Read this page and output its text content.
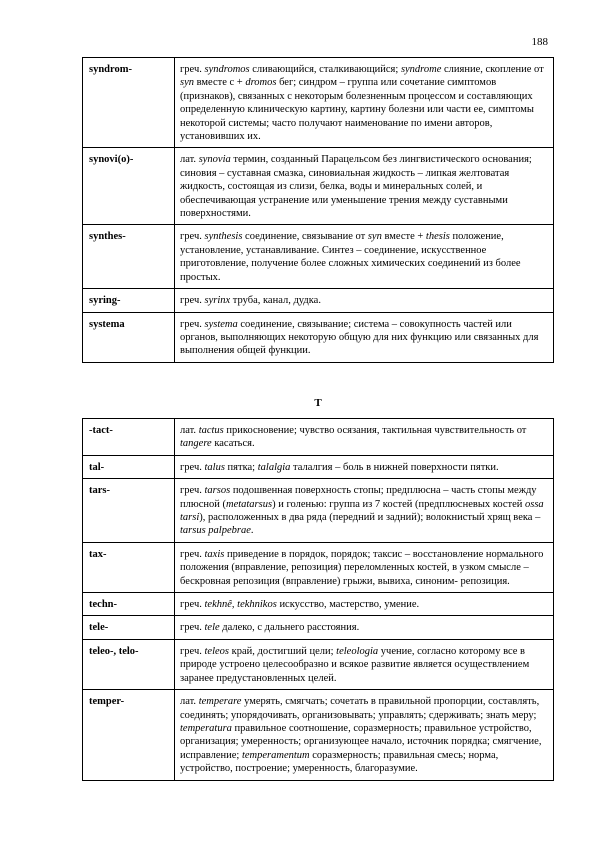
188
syndrom-	греч. syndromos сливающийся, сталкивающийся; syndrome слияние, скопление от syn вместе с + dromos бег; синдром – группа или сочетание симптомов (признаков), связанных с некоторым болезненным процессом и составляющих определенную клиническую картину, картину болезни или части ее, симптомы некоторой системы; часто получают наименование по имени авторов, установивших их.
synovi(o)-	лат. synovia термин, созданный Парацельсом без лингвистического основания; синовия – суставная смазка, синовиальная жидкость – липкая желтоватая жидкость, состоящая из слизи, белка, воды и минеральных солей, и обеспечивающая устранение или уменьшение трения между суставными поверхностями.
synthes-	греч. synthesis соединение, связывание от syn вместе + thesis положение, установление, устанавливание. Синтез – соединение, искусственное приготовление, получение более сложных химических соединений из более простых.
syring-	греч. syrinx труба, канал, дудка.
systema	греч. systema соединение, связывание; система – совокупность частей или органов, выполняющих некоторую общую для них функцию или связанных для выполнения общей функции.
T
-tact-	лат. tactus прикосновение; чувство осязания, тактильная чувствительность от tangere касаться.
tal-	греч. talus пятка; talalgia талалгия – боль в нижней поверхности пятки.
tars-	греч. tarsos подошвенная поверхность стопы; предплюсна – часть стопы между плюсной (metatarsus) и голенью: группа из 7 костей (предплюсневых костей ossa tarsi), расположенных в два ряда (передний и задний); волокнистый хрящ века – tarsus palpebrae.
tax-	греч. taxis приведение в порядок, порядок; таксис – восстановление нормального положения (вправление, репозиция) переломленных костей, в узком смысле – бескровная репозиция (вправление) грыжи, вывиха, синоним- репозиция.
techn-	греч. tekhnê, tekhnikos искусство, мастерство, умение.
tele-	греч. tele далеко, с дальнего расстояния.
teleo-, telo-	греч. teleos край, достигший цели; teleologia учение, согласно которому все в природе устроено целесообразно и всякое развитие является осуществлением заранее предустановленных целей.
temper-	лат. temperare умерять, смягчать; сочетать в правильной пропорции, составлять, соединять; упорядочивать, организовывать; управлять; сдерживать; знать меру; temperatura правильное соотношение, соразмерность; правильное устройство, организация; умеренность; организующее начало, источник порядка; смягчение, исправление; temperamentum соразмерность; правильная смесь; норма, устройство, построение; умеренность, благоразумие.
